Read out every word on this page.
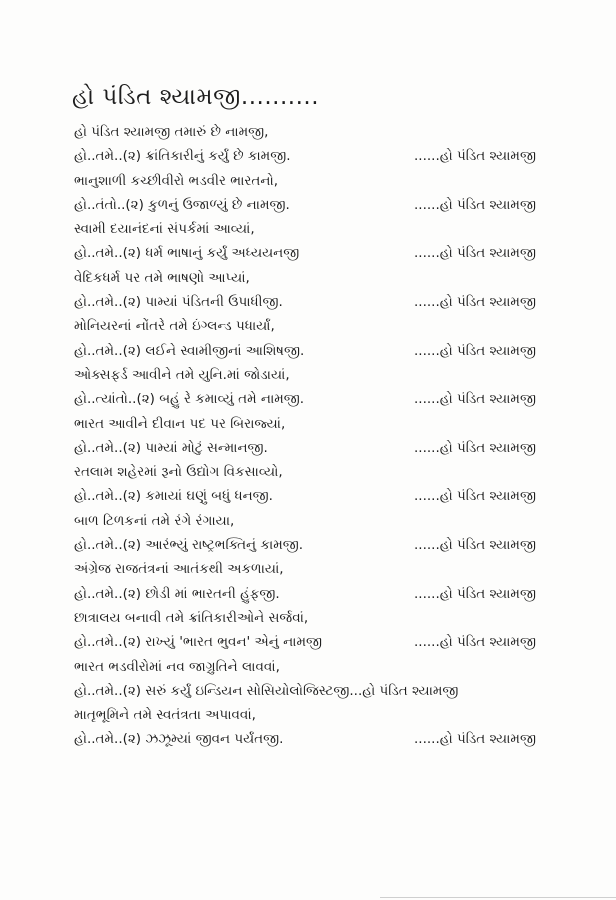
હો પંડિત શ્યામજી..........
હો પંડિત શ્યામજી તમારું છે નામજી,
હો..તમે..(૨) ક્રાંતિકારીનું કર્યું છે કામજી.	......હો પંડિત શ્યામજી
ભાનુશાળી કચ્છીવીરો ભડવીર ભારતનો,
હો..તંતો..(૨) કુળનું ઉજાળ્યું છે નામજી.	......હો પંડિત શ્યામજી
સ્વામી દયાનંદનાં સંપર્કમાં આવ્યાં,
હો..તમે..(૨) ધર્મ ભાષાનું કર્યું અધ્યયનજી	......હો પંડિત શ્યામજી
વેદિકધર્મ પર તમે ભાષણો આપ્યાં,
હો..તમે..(૨) પામ્યાં પંડિતની ઉપાધીજી.	......હો પંડિત શ્યામજી
મોનિયરનાં નોંતરે તમે ઇંગ્લન્ડ પધાર્યાં,
હો..તમે..(૨) લઈને સ્વામીજીનાં આશિષજી.	......હો પંડિત શ્યામજી
ઓક્સફર્ડ આવીને તમે યુનિ.માં જોડાયાં,
હો..ત્યાંતો..(૨) બહું રે કમાવ્યું તમે નામજી.	......હો પંડિત શ્યામજી
ભારત આવીને દીવાન પદ પર બિરાજ્યાં,
હો..તમે..(૨) પામ્યાં મોટું સન્માનજી.	......હો પંડિત શ્યામજી
રતલામ શહેરમાં રૂનો ઉદ્યોગ વિકસાવ્યો,
હો..તમે..(૨) કમાયાં ઘણું બધું ધનજી.	......હો પંડિત શ્યામજી
બાળ ટિળકનાં તમે રંગે રંગાયા,
હો..તમે..(૨) આરંભ્યું રાષ્ટ્રભક્તિનું કામજી.	......હો પંડિત શ્યામજી
અંગ્રેજ રાજતંત્રનાં આતંકથી અકળાયાં,
હો..તમે..(૨) છોડી માં ભારતની હુંફજી.	......હો પંડિત શ્યામજી
છાત્રાલય બનાવી તમે ક્રાંતિકારીઓને સર્જવાં,
હો..તમે..(૨) રાખ્યું 'ભારત ભુવન' એનું નામજી	......હો પંડિત શ્યામજી
ભારત ભડવીરોમાં નવ જાગ્રુતિને લાવવાં,
હો..તમે..(૨) સરું કર્યું ઇન્ડિયન સોસિયોલોજિસ્ટજી...હો પંડિત શ્યામજી
માતૃભૂમિને તમે સ્વતંત્રતા અપાવવાં,
હો..તમે..(૨) ઝઝૂમ્યાં જીવન પર્યંતજી.	......હો પંડિત શ્યામજી
